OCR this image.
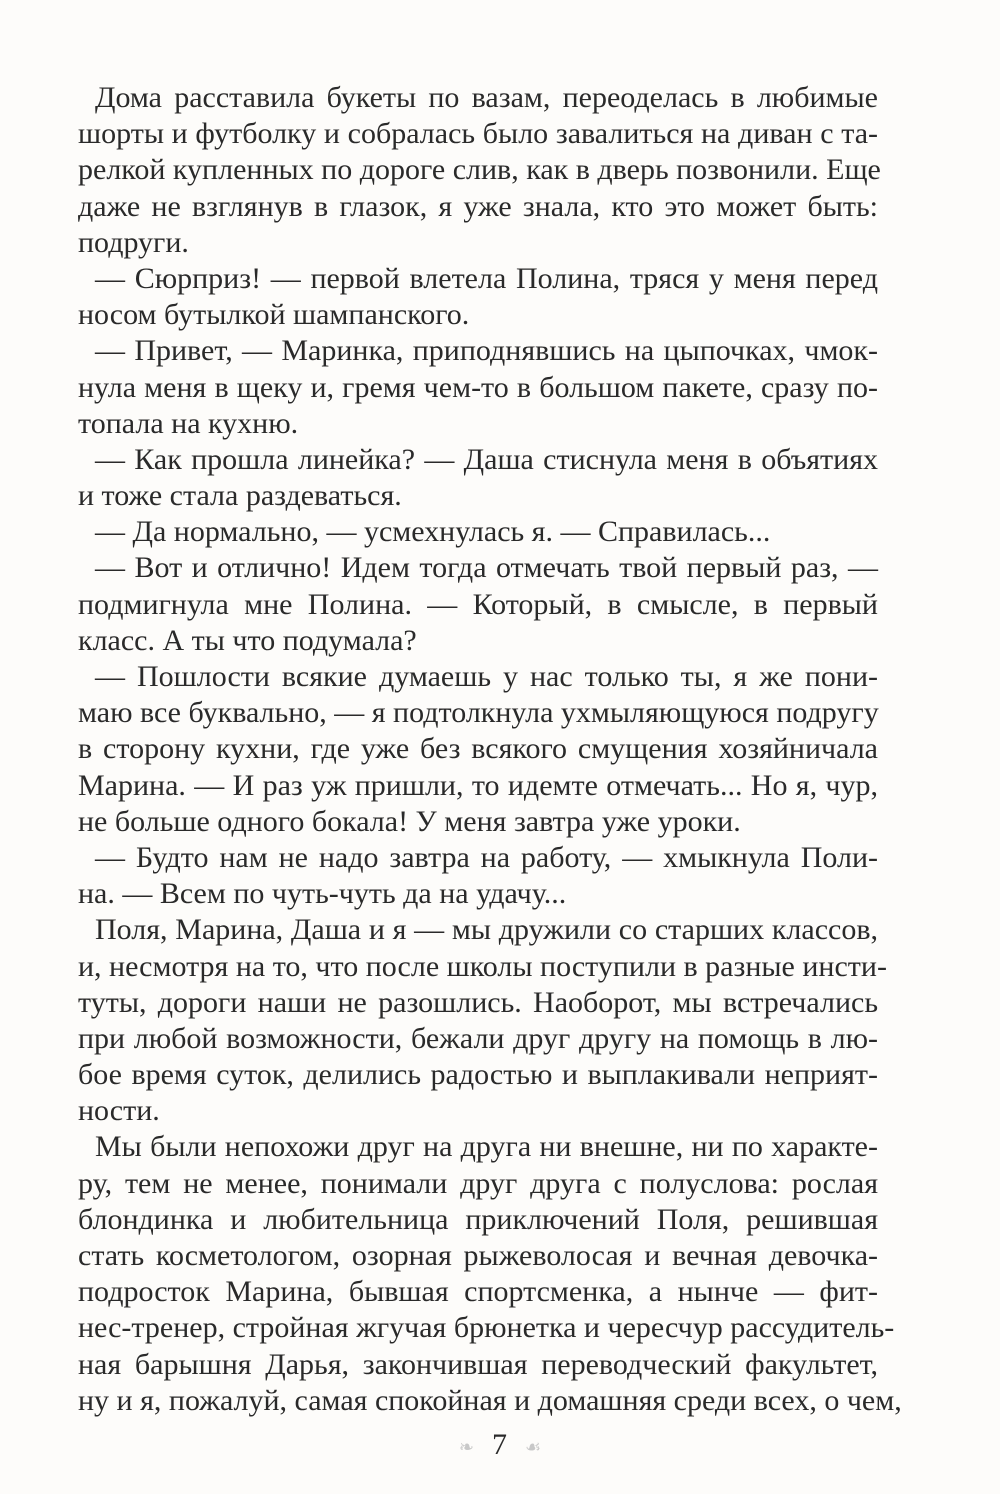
Дома расставила букеты по вазам, переоделась в любимые
шорты и футболку и собралась было завалиться на диван с та-
релкой купленных по дороге слив, как в дверь позвонили. Еще
даже не взглянув в глазок, я уже знала, кто это может быть:
подруги.
— Сюрприз! — первой влетела Полина, тряся у меня перед
носом бутылкой шампанского.
— Привет, — Маринка, приподнявшись на цыпочках, чмок-
нула меня в щеку и, гремя чем-то в большом пакете, сразу по-
топала на кухню.
— Как прошла линейка? — Даша стиснула меня в объятиях
и тоже стала раздеваться.
— Да нормально, — усмехнулась я. — Справилась...
— Вот и отлично! Идем тогда отмечать твой первый раз, —
подмигнула мне Полина. — Который, в смысле, в первый
класс. А ты что подумала?
— Пошлости всякие думаешь у нас только ты, я же пони-
маю все буквально, — я подтолкнула ухмыляющуюся подругу
в сторону кухни, где уже без всякого смущения хозяйничала
Марина. — И раз уж пришли, то идемте отмечать... Но я, чур,
не больше одного бокала! У меня завтра уже уроки.
— Будто нам не надо завтра на работу, — хмыкнула Поли-
на. — Всем по чуть-чуть да на удачу...
Поля, Марина, Даша и я — мы дружили со старших классов,
и, несмотря на то, что после школы поступили в разные инсти-
туты, дороги наши не разошлись. Наоборот, мы встречались
при любой возможности, бежали друг другу на помощь в лю-
бое время суток, делились радостью и выплакивали неприят-
ности.
Мы были непохожи друг на друга ни внешне, ни по характе-
ру, тем не менее, понимали друг друга с полуслова: рослая
блондинка и любительница приключений Поля, решившая
стать косметологом, озорная рыжеволосая и вечная девочка-
подросток Марина, бывшая спортсменка, а нынче — фит-
нес-тренер, стройная жгучая брюнетка и чересчур рассудитель-
ная барышня Дарья, закончившая переводческий факультет,
ну и я, пожалуй, самая спокойная и домашняя среди всех, о чем,
❧ 7 ☙
